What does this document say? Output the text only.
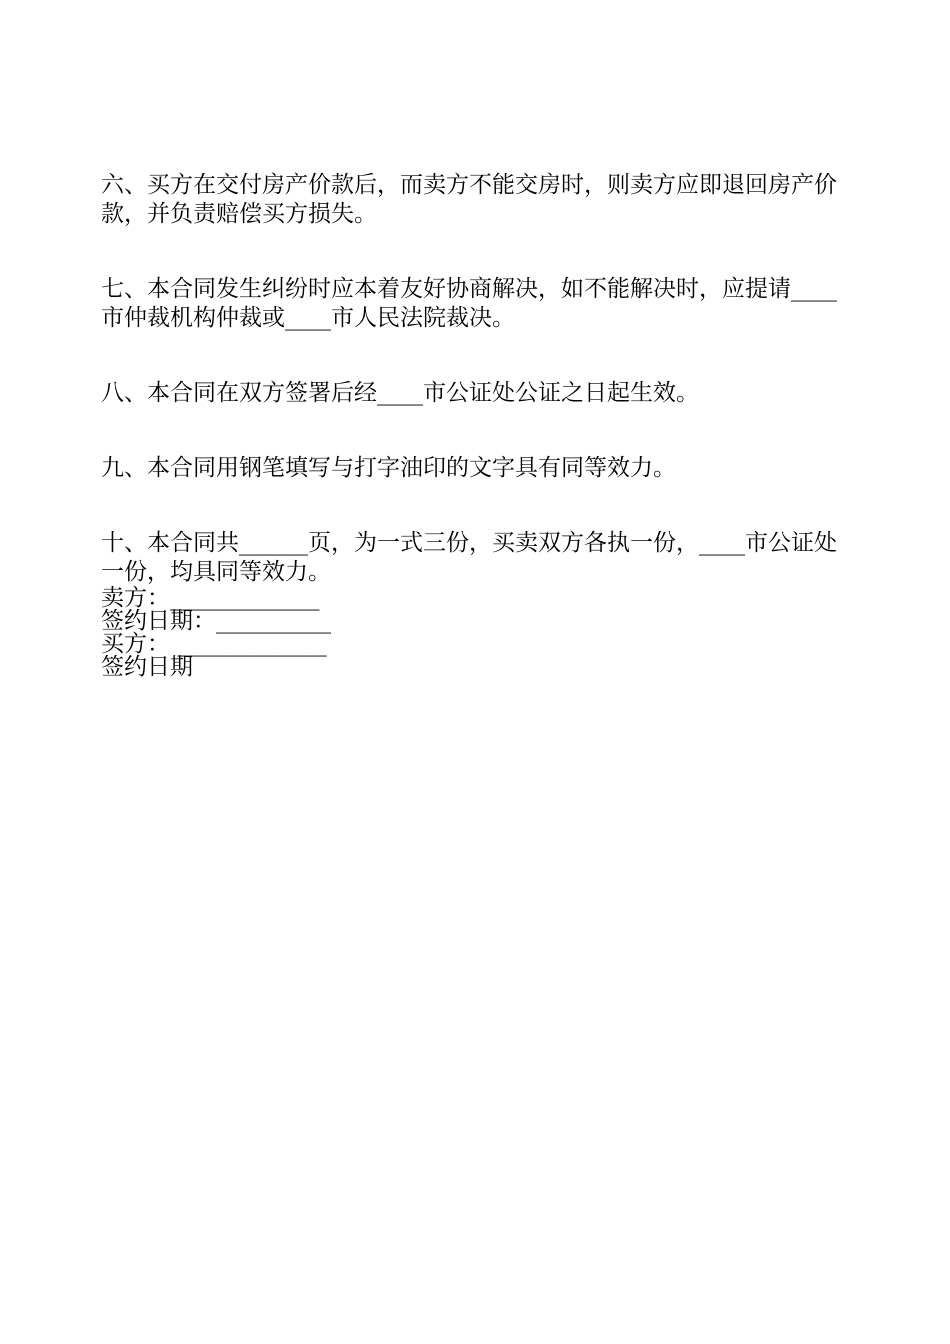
六、买方在交付房产价款后，而卖方不能交房时，则卖方应即退回房产价款，并负责赔偿买方损失。

七、本合同发生纠纷时应本着友好协商解决，如不能解决时，应提请____市仲裁机构仲裁或____市人民法院裁决。

八、本合同在双方签署后经____市公证处公证之日起生效。

九、本合同用钢笔填写与打字油印的文字具有同等效力。

十、本合同共______页，为一式三份，买卖双方各执一份，____市公证处一份，均具同等效力。

卖方：_____________
签约日期：__________
买方： _____________
签约日期
